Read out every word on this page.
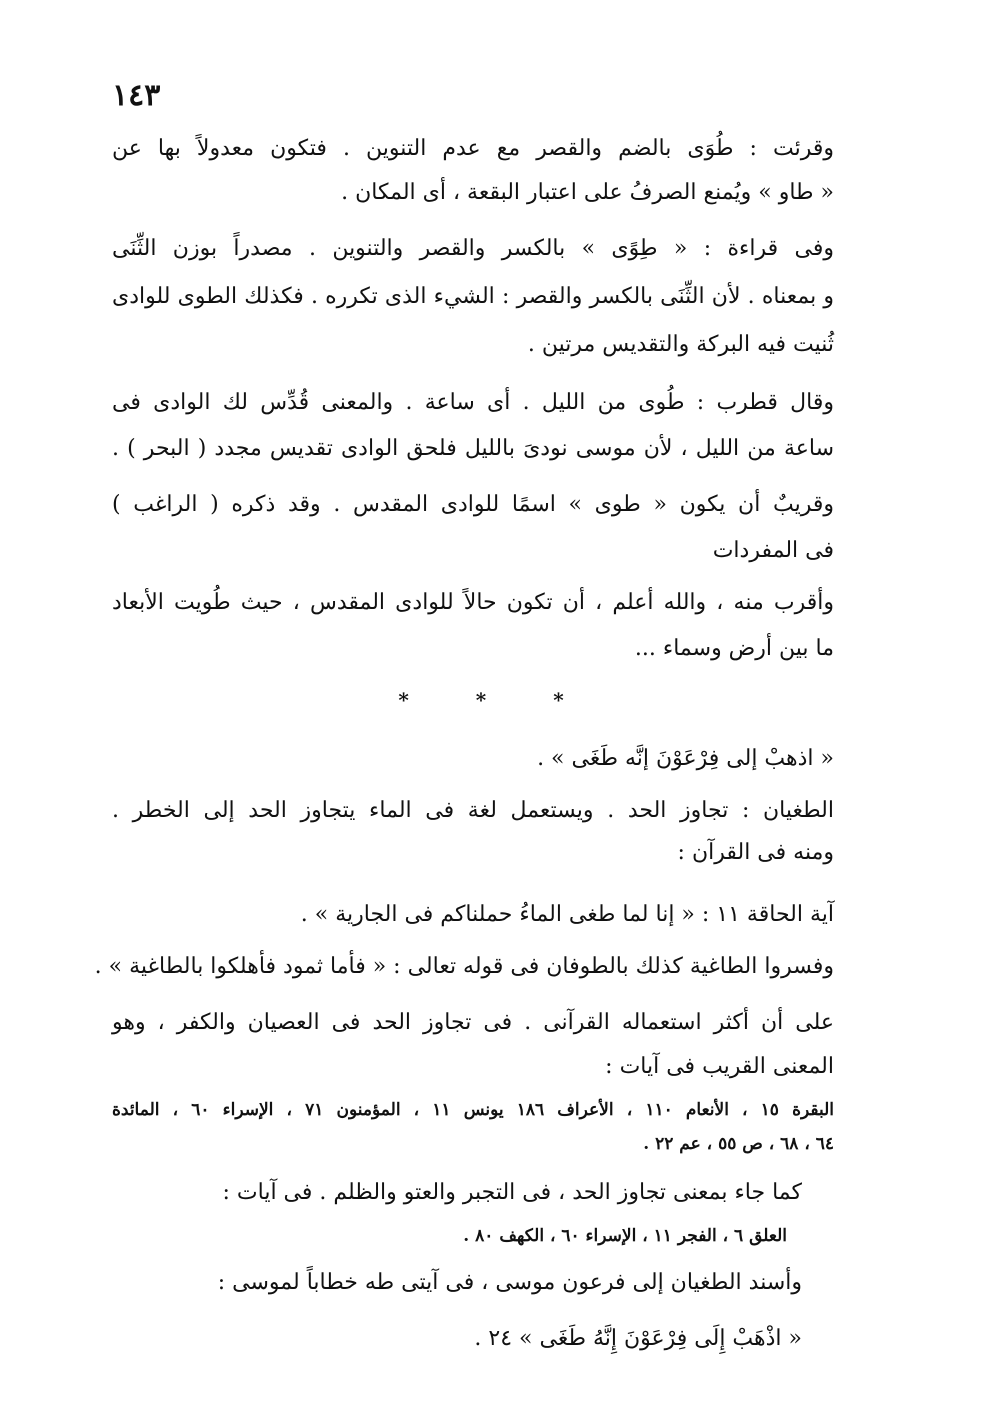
١٤٣
وقرئت : طُوَى بالضم والقصر مع عدم التنوين . فتكون معدولاً بها عن
« طاو » ويُمنع الصرفُ على اعتبار البقعة ، أى المكان .
وفى قراءة : « طِوًى » بالكسر والقصر والتنوين . مصدراً بوزن الثِّنَى
و بمعناه . لأن الثِّنَى بالكسر والقصر : الشيء الذى تكرره . فكذلك الطوى للوادى
ثُنيت فيه البركة والتقديس مرتين .
وقال قطرب : طُوى من الليل . أى ساعة . والمعنى قُدِّس لك الوادى فى
ساعة من الليل ، لأن موسى نودىَ بالليل فلحق الوادى تقديس مجدد ( البحر ) .
وقريبٌ أن يكون « طوى » اسمًا للوادى المقدس . وقد ذكره ( الراغب )
فى المفردات
وأقرب منه ، والله أعلم ، أن تكون حالاً للوادى المقدس ، حيث طُويت الأبعاد
ما بين أرض وسماء ...
* * *
« اذهبْ إلى فِرْعَوْنَ إنَّه طَغَى » .
الطغيان : تجاوز الحد . ويستعمل لغة فى الماء يتجاوز الحد إلى الخطر .
ومنه فى القرآن :
آية الحاقة ١١ : « إنا لما طغى الماءُ حملناكم فى الجارية » .
وفسروا الطاغية كذلك بالطوفان فى قوله تعالى : « فأما ثمود فأهلكوا بالطاغية » .
على أن أكثر استعماله القرآنى . فى تجاوز الحد فى العصيان والكفر ، وهو
المعنى القريب فى آيات :
البقرة ١٥ ، الأنعام ١١٠ ، الأعراف ١٨٦ يونس ١١ ، المؤمنون ٧١ ، الإسراء ٦٠ ، المائدة
٦٤ ، ٦٨ ، ص ٥٥ ، عم ٢٢ .
كما جاء بمعنى تجاوز الحد ، فى التجبر والعتو والظلم . فى آيات :
العلق ٦ ، الفجر ١١ ، الإسراء ٦٠ ، الكهف ٨٠ .
وأسند الطغيان إلى فرعون موسى ، فى آيتى طه خطاباً لموسى :
« اذْهَبْ إِلَى فِرْعَوْنَ إِنَّهُ طَغَى » ٢٤ .
